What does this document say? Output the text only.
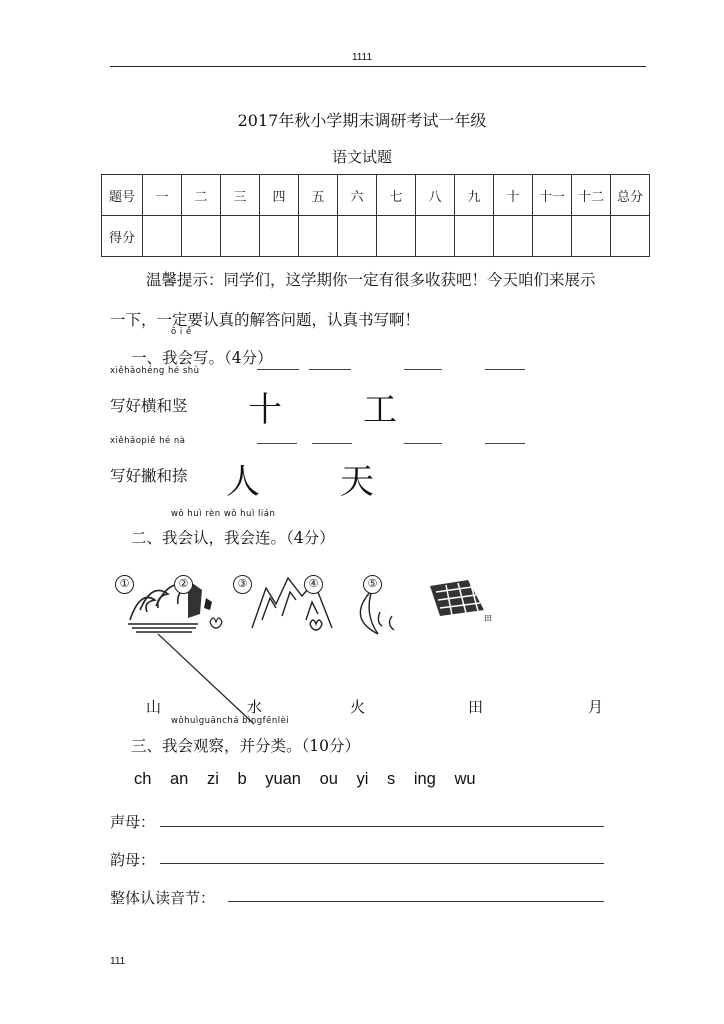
1111
2017年秋小学期末调研考试一年级
语文试题
题号	一	二	三	四	五	六	七	八	九	十	十一	十二	总分
得分													
温馨提示：同学们，这学期你一定有很多收获吧！今天咱们来展示
一下，一定要认真的解答问题，认真书写啊！
ō i ě
一、我会写。（4分）
xiěhǎohéng hé shù
写好横和竖 十 工
xiěhǎopiě hé nà
写好撇和捺 人 天
wǒ huì rèn wǒ huì lián
二、我会认，我会连。（4分）
①	②	③	④	⑤
田
山	水	火	田	月
wǒhuìguānchá bìngfēnlèi
三、我会观察，并分类。（10分）
ch an zi b yuan ou yi s ing wu
声母：
韵母：
整体认读音节：
111
